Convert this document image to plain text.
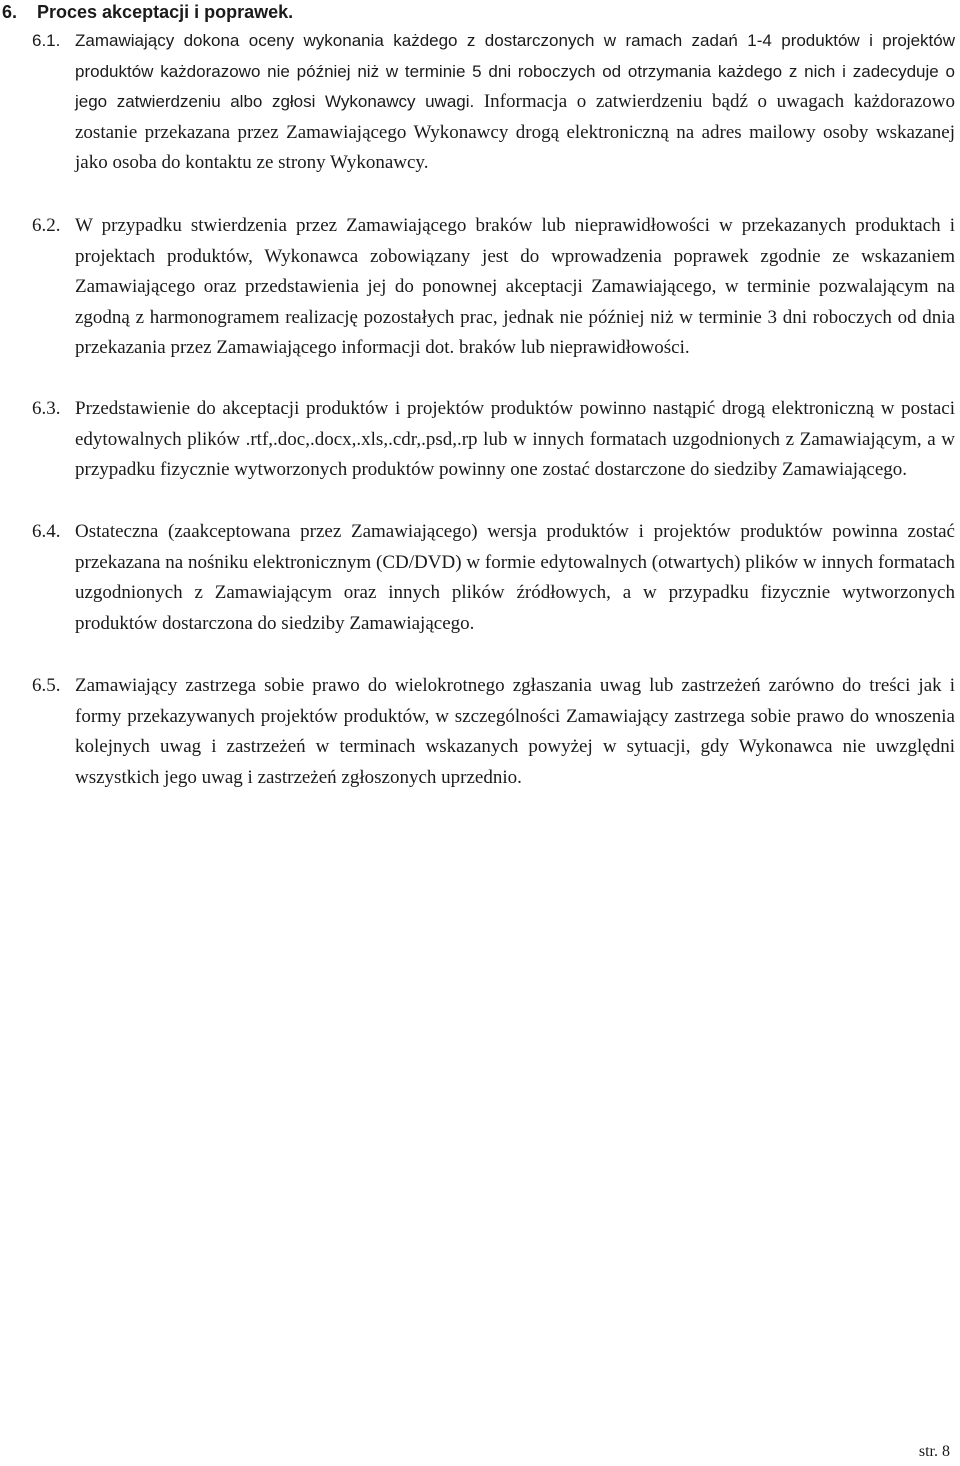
6. Proces akceptacji i poprawek.
6.1. Zamawiający dokona oceny wykonania każdego z dostarczonych w ramach zadań 1-4 produktów i projektów produktów każdorazowo nie później niż w terminie 5 dni roboczych od otrzymania każdego z nich i zadecyduje o jego zatwierdzeniu albo zgłosi Wykonawcy uwagi. Informacja o zatwierdzeniu bądź o uwagach każdorazowo zostanie przekazana przez Zamawiającego Wykonawcy drogą elektroniczną na adres mailowy osoby wskazanej jako osoba do kontaktu ze strony Wykonawcy.
6.2. W przypadku stwierdzenia przez Zamawiającego braków lub nieprawidłowości w przekazanych produktach i projektach produktów, Wykonawca zobowiązany jest do wprowadzenia poprawek zgodnie ze wskazaniem Zamawiającego oraz przedstawienia jej do ponownej akceptacji Zamawiającego, w terminie pozwalającym na zgodną z harmonogramem realizację pozostałych prac, jednak nie później niż w terminie 3 dni roboczych od dnia przekazania przez Zamawiającego informacji dot. braków lub nieprawidłowości.
6.3. Przedstawienie do akceptacji produktów i projektów produktów powinno nastąpić drogą elektroniczną w postaci edytowalnych plików .rtf,.doc,.docx,.xls,.cdr,.psd,.rp lub w innych formatach uzgodnionych z Zamawiającym, a w przypadku fizycznie wytworzonych produktów powinny one zostać dostarczone do siedziby Zamawiającego.
6.4. Ostateczna (zaakceptowana przez Zamawiającego) wersja produktów i projektów produktów powinna zostać przekazana na nośniku elektronicznym (CD/DVD) w formie edytowalnych (otwartych) plików w innych formatach uzgodnionych z Zamawiającym oraz innych plików źródłowych, a w przypadku fizycznie wytworzonych produktów dostarczona do siedziby Zamawiającego.
6.5. Zamawiający zastrzega sobie prawo do wielokrotnego zgłaszania uwag lub zastrzeżeń zarówno do treści jak i formy przekazywanych projektów produktów, w szczególności Zamawiający zastrzega sobie prawo do wnoszenia kolejnych uwag i zastrzeżeń w terminach wskazanych powyżej w sytuacji, gdy Wykonawca nie uwzględni wszystkich jego uwag i zastrzeżeń zgłoszonych uprzednio.
str. 8
